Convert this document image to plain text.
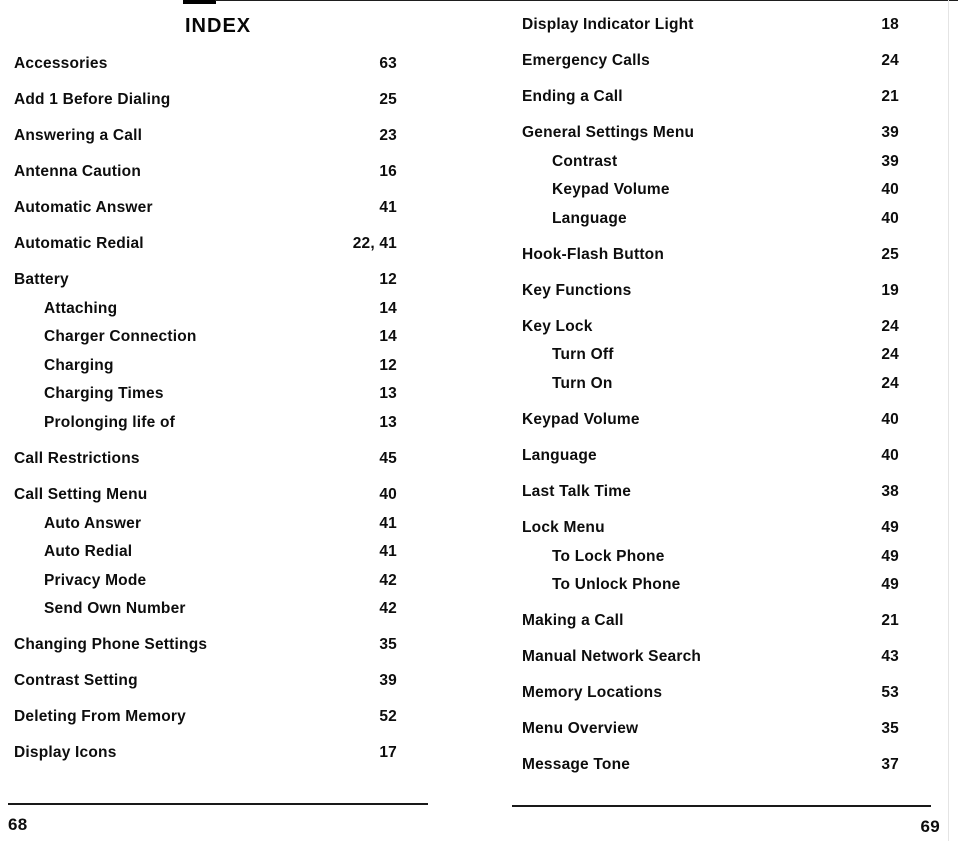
INDEX
Accessories	63
Add 1 Before Dialing	25
Answering a Call	23
Antenna Caution	16
Automatic Answer	41
Automatic Redial	22, 41
Battery	12
Attaching	14
Charger Connection	14
Charging	12
Charging Times	13
Prolonging life of	13
Call Restrictions	45
Call Setting Menu	40
Auto Answer	41
Auto Redial	41
Privacy Mode	42
Send Own Number	42
Changing Phone Settings	35
Contrast Setting	39
Deleting From Memory	52
Display Icons	17
Display Indicator Light	18
Emergency Calls	24
Ending a Call	21
General Settings Menu	39
Contrast	39
Keypad Volume	40
Language	40
Hook-Flash Button	25
Key Functions	19
Key Lock	24
Turn Off	24
Turn On	24
Keypad Volume	40
Language	40
Last Talk Time	38
Lock Menu	49
To Lock Phone	49
To Unlock Phone	49
Making a Call	21
Manual Network Search	43
Memory Locations	53
Menu Overview	35
Message Tone	37
68	69
